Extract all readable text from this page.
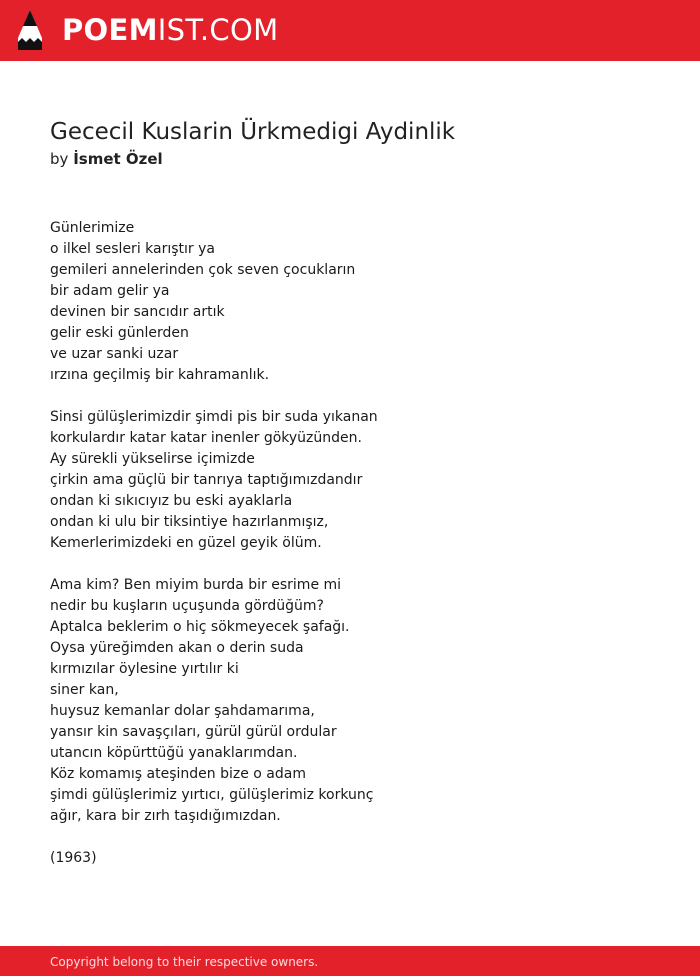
POEMIST.COM
Gececil Kuslarin Ürkmedigi Aydinlik
by İsmet Özel
Günlerimize
o ilkel sesleri karıştır ya
gemileri annelerinden çok seven çocukların
bir adam gelir ya
devinen bir sancıdır artık
gelir eski günlerden
ve uzar sanki uzar
ırzına geçilmiş bir kahramanlık.
Sinsi gülüşlerimizdir şimdi pis bir suda yıkanan
korkulardır katar katar inenler gökyüzünden.
Ay sürekli yükselirse içimizde
çirkin ama güçlü bir tanrıya taptığımızdandır
ondan ki sıkıcıyız bu eski ayaklarla
ondan ki ulu bir tiksintiye hazırlanmışız,
Kemerlerimizdeki en güzel geyik ölüm.
Ama kim? Ben miyim burda bir esrime mi
nedir bu kuşların uçuşunda gördüğüm?
Aptalca beklerim o hiç sökmeyecek şafağı.
Oysa yüreğimden akan o derin suda
kırmızılar öylesine yırtılır ki
siner kan,
huysuz kemanlar dolar şahdamarıma,
yansır kin savaşçıları, gürül gürül ordular
utancın köpürttüğü yanaklarımdan.
Köz komamış ateşinden bize o adam
şimdi gülüşlerimiz yırtıcı, gülüşlerimiz korkunç
ağır, kara bir zırh taşıdığımızdan.
(1963)
Copyright belong to their respective owners.
